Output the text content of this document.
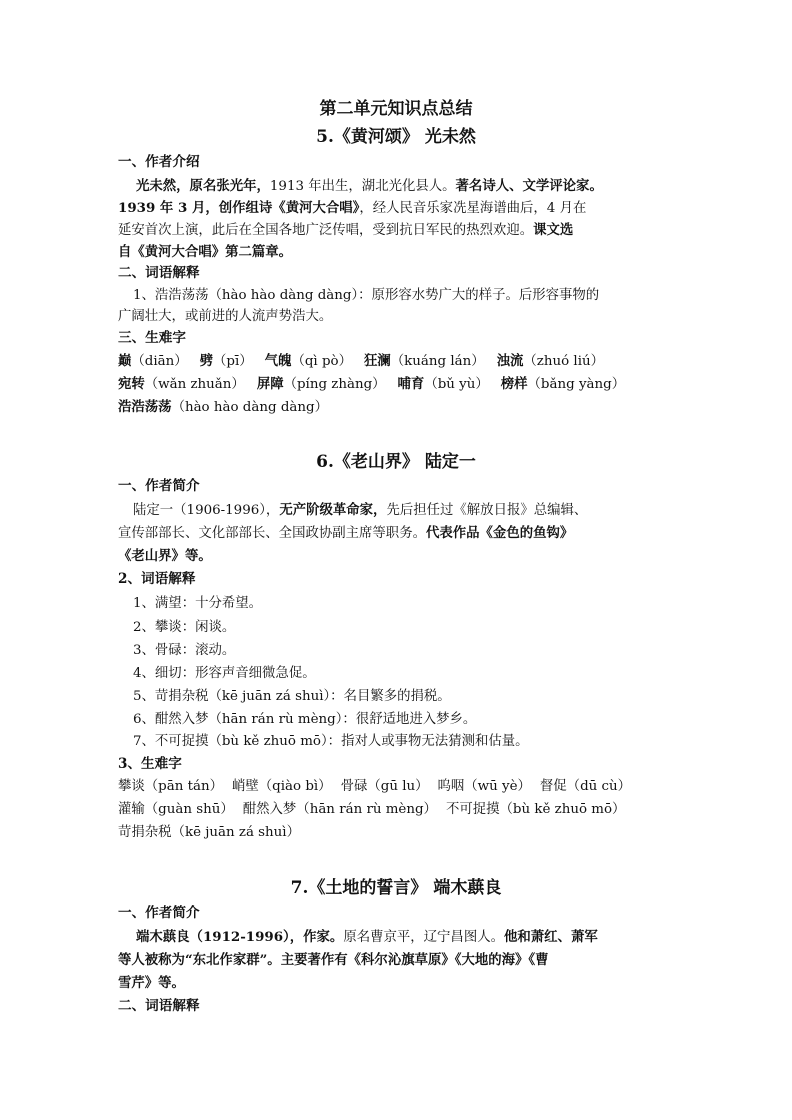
第二单元知识点总结
5.《黄河颂》 光未然
一、作者介绍
光未然，原名张光年，1913 年出生，湖北光化县人。著名诗人、文学评论家。
1939 年 3 月，创作组诗《黄河大合唱》，经人民音乐家冼星海谱曲后，4 月在
延安首次上演，此后在全国各地广泛传唱，受到抗日军民的热烈欢迎。课文选
自《黄河大合唱》第二篇章。
二、词语解释
1、浩浩荡荡（hào hào dàng dàng）：原形容水势广大的样子。后形容事物的
广阔壮大，或前进的人流声势浩大。
三、生难字
巅（diān） 劈（pī） 气魄（qì pò） 狂澜（kuáng lán） 浊流（zhuó liú）
宛转（wǎn zhuǎn） 屏障（píng zhàng） 哺育（bǔ yù） 榜样（bǎng yàng）
浩浩荡荡（hào hào dàng dàng）
6.《老山界》 陆定一
一、作者简介
陆定一（1906-1996），无产阶级革命家，先后担任过《解放日报》总编辑、
宣传部部长、文化部部长、全国政协副主席等职务。代表作品《金色的鱼钩》
《老山界》等。
2、词语解释
1、满望：十分希望。
2、攀谈：闲谈。
3、骨碌：滚动。
4、细切：形容声音细微急促。
5、苛捐杂税（kē juān zá shuì）：名目繁多的捐税。
6、酣然入梦（hān rán rù mèng）：很舒适地进入梦乡。
7、不可捉摸（bù kě zhuō mō）：指对人或事物无法猜测和估量。
3、生难字
攀谈（pān tán） 峭壁（qiào bì） 骨碌（gū lu） 呜咽（wū yè） 督促（dū cù）
灌输（guàn shū） 酣然入梦（hān rán rù mèng） 不可捉摸（bù kě zhuō mō）
苛捐杂税（kē juān zá shuì）
7.《土地的誓言》 端木蕻良
一、作者简介
端木蕻良（1912-1996），作家。原名曹京平，辽宁昌图人。他和萧红、萧军
等人被称为“东北作家群”。主要著作有《科尔沁旗草原》《大地的海》《曹
雪芹》等。
二、词语解释
